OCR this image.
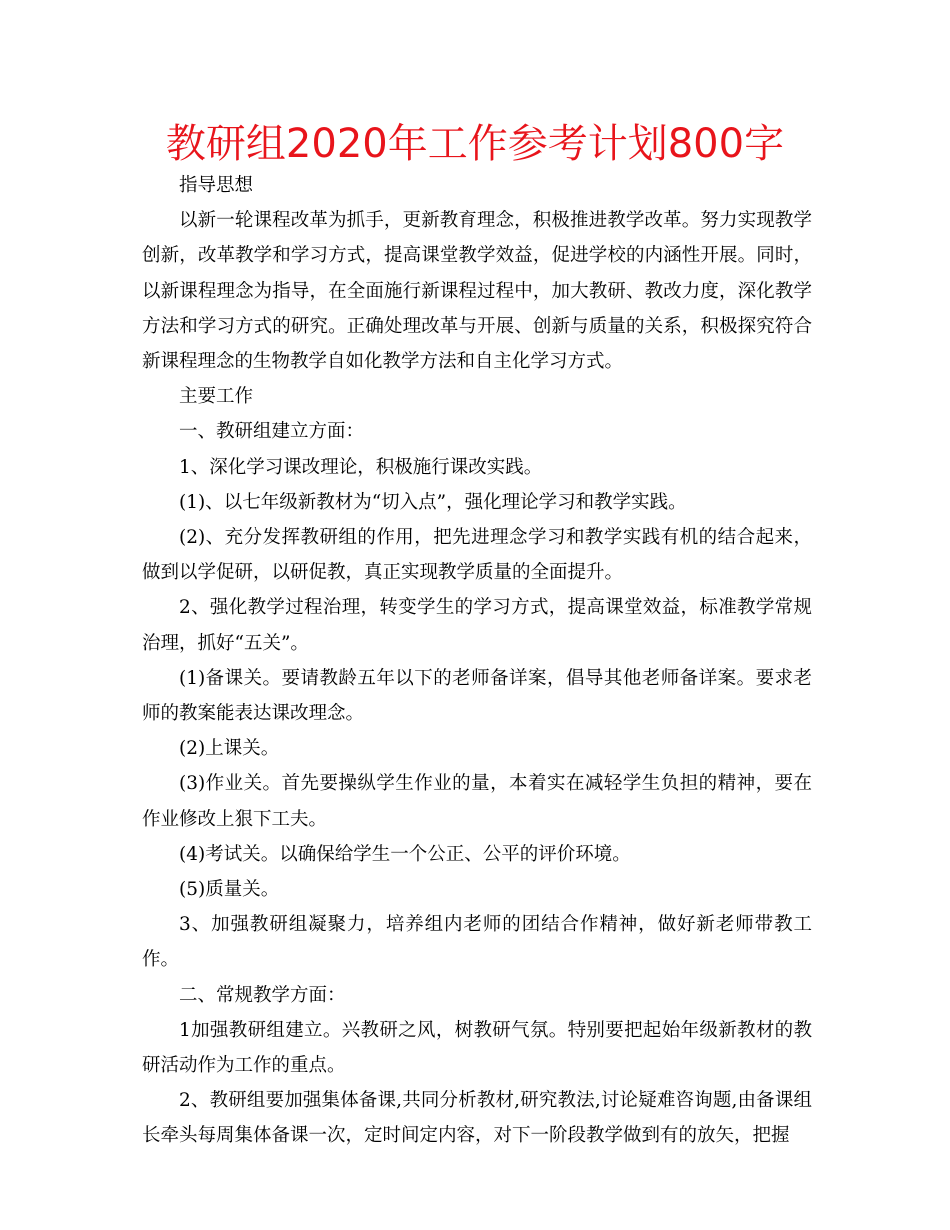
教研组2020年工作参考计划800字

指导思想

以新一轮课程改革为抓手，更新教育理念，积极推进教学改革。努力实现教学创新，改革教学和学习方式，提高课堂教学效益，促进学校的内涵性开展。同时，以新课程理念为指导，在全面施行新课程过程中，加大教研、教改力度，深化教学方法和学习方式的研究。正确处理改革与开展、创新与质量的关系，积极探究符合新课程理念的生物教学自如化教学方法和自主化学习方式。

主要工作

一、教研组建立方面：

1、深化学习课改理论，积极施行课改实践。

(1)、以七年级新教材为“切入点”，强化理论学习和教学实践。

(2)、充分发挥教研组的作用，把先进理念学习和教学实践有机的结合起来，做到以学促研，以研促教，真正实现教学质量的全面提升。

2、强化教学过程治理，转变学生的学习方式，提高课堂效益，标准教学常规治理，抓好“五关”。

(1)备课关。要请教龄五年以下的老师备详案，倡导其他老师备详案。要求老师的教案能表达课改理念。

(2)上课关。

(3)作业关。首先要操纵学生作业的量，本着实在减轻学生负担的精神，要在作业修改上狠下工夫。

(4)考试关。以确保给学生一个公正、公平的评价环境。

(5)质量关。

3、加强教研组凝聚力，培养组内老师的团结合作精神，做好新老师带教工作。

二、常规教学方面：

1加强教研组建立。兴教研之风，树教研气氛。特别要把起始年级新教材的教研活动作为工作的重点。

2、教研组要加强集体备课,共同分析教材,研究教法,讨论疑难咨询题,由备课组长牵头每周集体备课一次，定时间定内容，对下一阶段教学做到有的放矢，把握
